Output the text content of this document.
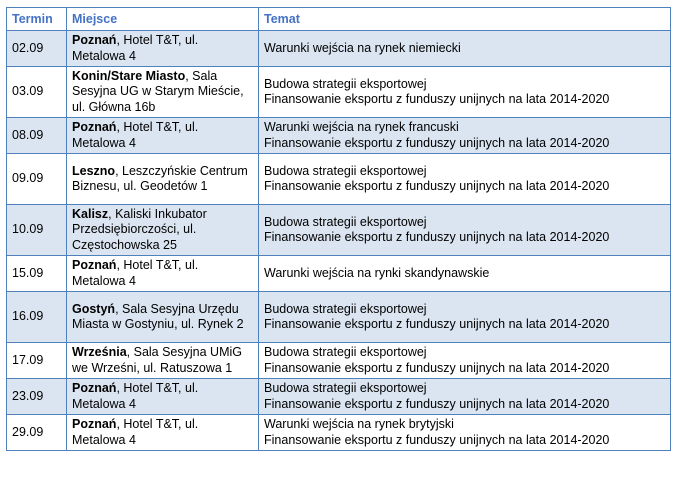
Termin	Miejsce	Temat
02.09	Poznań, Hotel T&T, ul. Metalowa 4	Warunki wejścia na rynek niemiecki

03.09	Konin/Stare Miasto, Sala Sesyjna UG w Starym Mieście, ul. Główna 16b	Budowa strategii eksportowej
Finansowanie eksportu z funduszy unijnych na lata 2014-2020

08.09	Poznań, Hotel T&T, ul. Metalowa 4	Warunki wejścia na rynek francuski
Finansowanie eksportu z funduszy unijnych na lata 2014-2020

09.09	Leszno, Leszczyńskie Centrum Biznesu, ul. Geodetów 1	Budowa strategii eksportowej
Finansowanie eksportu z funduszy unijnych na lata 2014-2020

10.09	Kalisz, Kaliski Inkubator Przedsiębiorczości, ul. Częstochowska 25	Budowa strategii eksportowej
Finansowanie eksportu z funduszy unijnych na lata 2014-2020

15.09	Poznań, Hotel T&T, ul. Metalowa 4	Warunki wejścia na rynki skandynawskie

16.09	Gostyń, Sala Sesyjna Urzędu Miasta w Gostyniu, ul. Rynek 2	Budowa strategii eksportowej
Finansowanie eksportu z funduszy unijnych na lata 2014-2020

17.09	Września, Sala Sesyjna UMiG we Wrześni, ul. Ratuszowa 1	Budowa strategii eksportowej
Finansowanie eksportu z funduszy unijnych na lata 2014-2020

23.09	Poznań, Hotel T&T, ul. Metalowa 4	Budowa strategii eksportowej
Finansowanie eksportu z funduszy unijnych na lata 2014-2020

29.09	Poznań, Hotel T&T, ul. Metalowa 4	Warunki wejścia na rynek brytyjski
Finansowanie eksportu z funduszy unijnych na lata 2014-2020
